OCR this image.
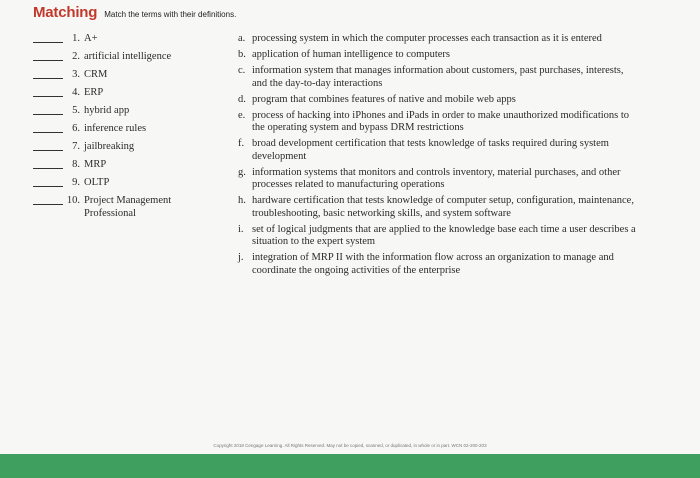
Matching Match the terms with their definitions.
1. A+
2. artificial intelligence
3. CRM
4. ERP
5. hybrid app
6. inference rules
7. jailbreaking
8. MRP
9. OLTP
10. Project Management Professional
a. processing system in which the computer processes each transaction as it is entered
b. application of human intelligence to computers
c. information system that manages information about customers, past purchases, interests, and the day-to-day interactions
d. program that combines features of native and mobile web apps
e. process of hacking into iPhones and iPads in order to make unauthorized modifications to the operating system and bypass DRM restrictions
f. broad development certification that tests knowledge of tasks required during system development
g. information systems that monitors and controls inventory, material purchases, and other processes related to manufacturing operations
h. hardware certification that tests knowledge of computer setup, configuration, maintenance, troubleshooting, basic networking skills, and system software
i. set of logical judgments that are applied to the knowledge base each time a user describes a situation to the expert system
j. integration of MRP II with the information flow across an organization to manage and coordinate the ongoing activities of the enterprise
Copyright 2018 Cengage Learning. All Rights Reserved. May not be copied, scanned, or duplicated, in whole or in part. WCN 02-200-203
